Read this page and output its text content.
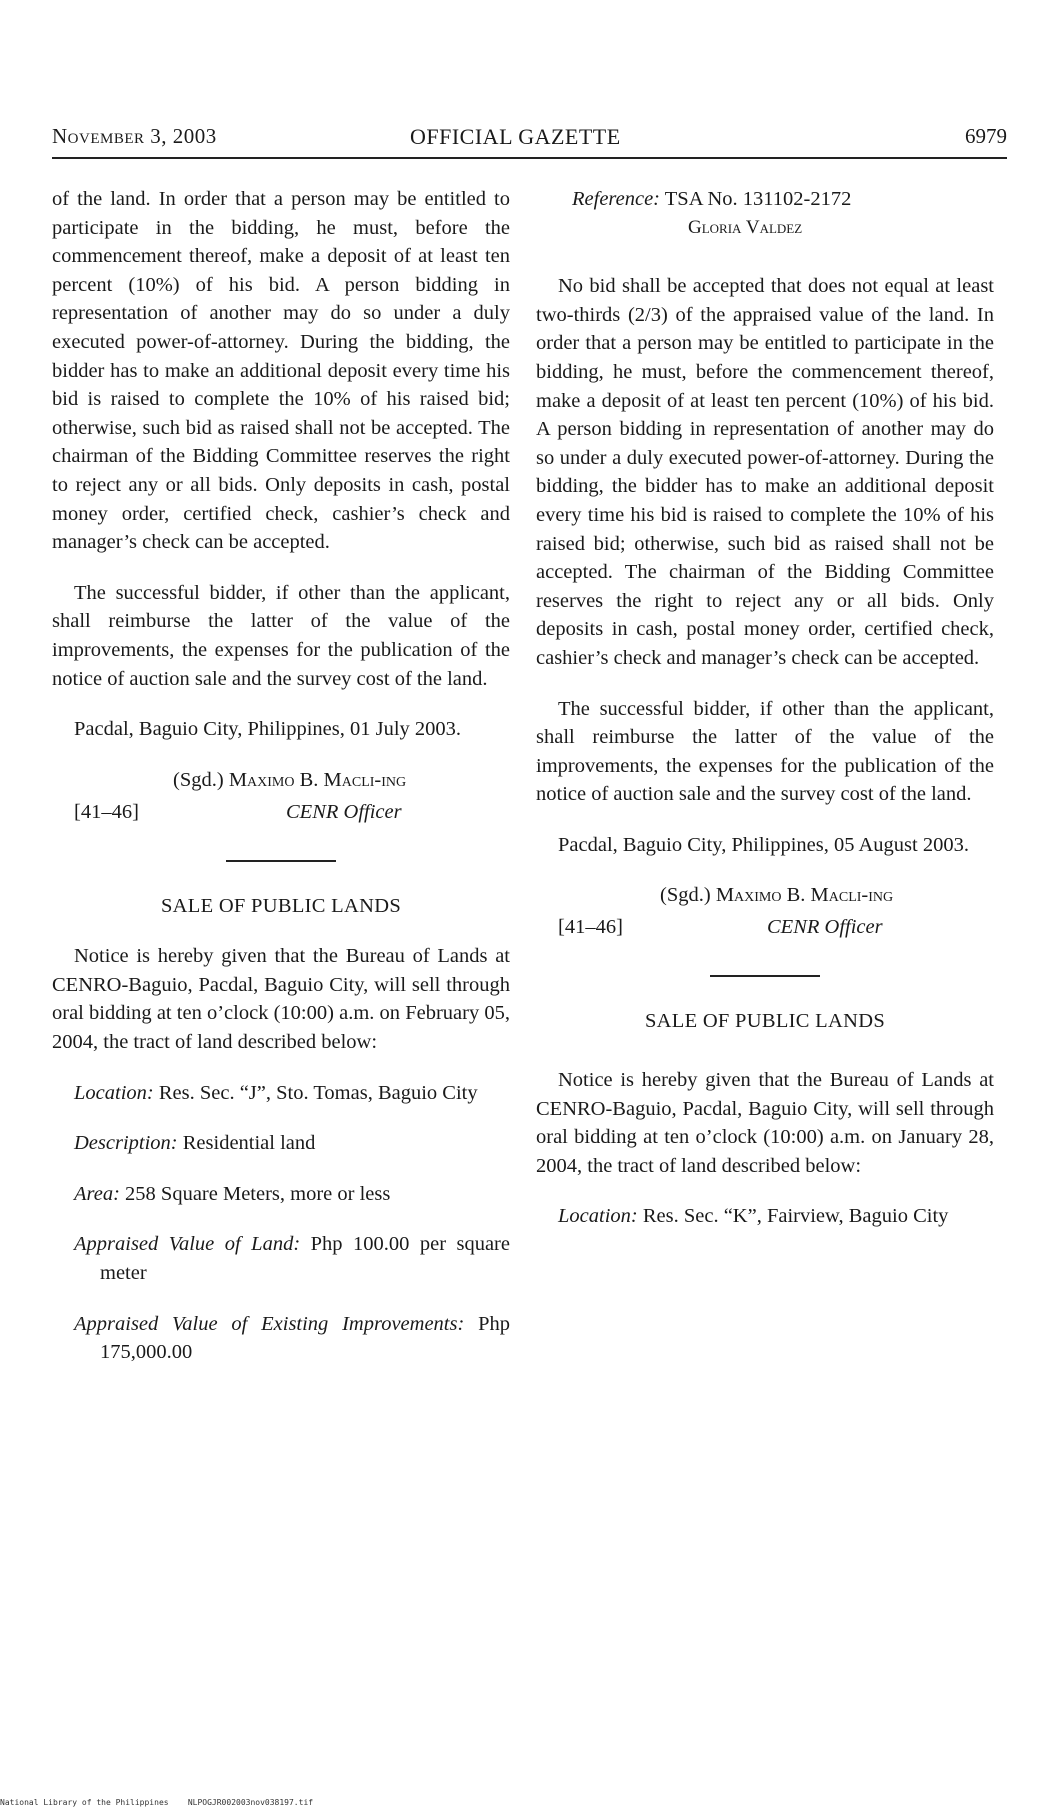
November 3, 2003	OFFICIAL GAZETTE	6979

of the land. In order that a person may be entitled to participate in the bidding, he must, before the commencement thereof, make a deposit of at least ten percent (10%) of his bid. A person bidding in representation of another may do so under a duly executed power-of-attorney. During the bidding, the bidder has to make an additional deposit every time his bid is raised to complete the 10% of his raised bid; otherwise, such bid as raised shall not be accepted. The chairman of the Bidding Committee reserves the right to reject any or all bids. Only deposits in cash, postal money order, certified check, cashier’s check and manager’s check can be accepted.

The successful bidder, if other than the applicant, shall reimburse the latter of the value of the improvements, the expenses for the publication of the notice of auction sale and the survey cost of the land.

Pacdal, Baguio City, Philippines, 01 July 2003.

(Sgd.) Maximo B. Macli-ing
[41–46]	CENR Officer

SALE OF PUBLIC LANDS

Notice is hereby given that the Bureau of Lands at CENRO-Baguio, Pacdal, Baguio City, will sell through oral bidding at ten o’clock (10:00) a.m. on February 05, 2004, the tract of land described below:

Location: Res. Sec. “J”, Sto. Tomas, Baguio City

Description: Residential land

Area: 258 Square Meters, more or less

Appraised Value of Land: Php 100.00 per square meter

Appraised Value of Existing Improvements: Php 175,000.00

Reference: TSA No. 131102-2172
Gloria Valdez

No bid shall be accepted that does not equal at least two-thirds (2/3) of the appraised value of the land. In order that a person may be entitled to participate in the bidding, he must, before the commencement thereof, make a deposit of at least ten percent (10%) of his bid. A person bidding in representation of another may do so under a duly executed power-of-attorney. During the bidding, the bidder has to make an additional deposit every time his bid is raised to complete the 10% of his raised bid; otherwise, such bid as raised shall not be accepted. The chairman of the Bidding Committee reserves the right to reject any or all bids. Only deposits in cash, postal money order, certified check, cashier’s check and manager’s check can be accepted.

The successful bidder, if other than the applicant, shall reimburse the latter of the value of the improvements, the expenses for the publication of the notice of auction sale and the survey cost of the land.

Pacdal, Baguio City, Philippines, 05 August 2003.

(Sgd.) Maximo B. Macli-ing
[41–46]	CENR Officer

SALE OF PUBLIC LANDS

Notice is hereby given that the Bureau of Lands at CENRO-Baguio, Pacdal, Baguio City, will sell through oral bidding at ten o’clock (10:00) a.m. on January 28, 2004, the tract of land described below:

Location: Res. Sec. “K”, Fairview, Baguio City

National Library of the Philippines NLPOGJR002003nov038197.tif
